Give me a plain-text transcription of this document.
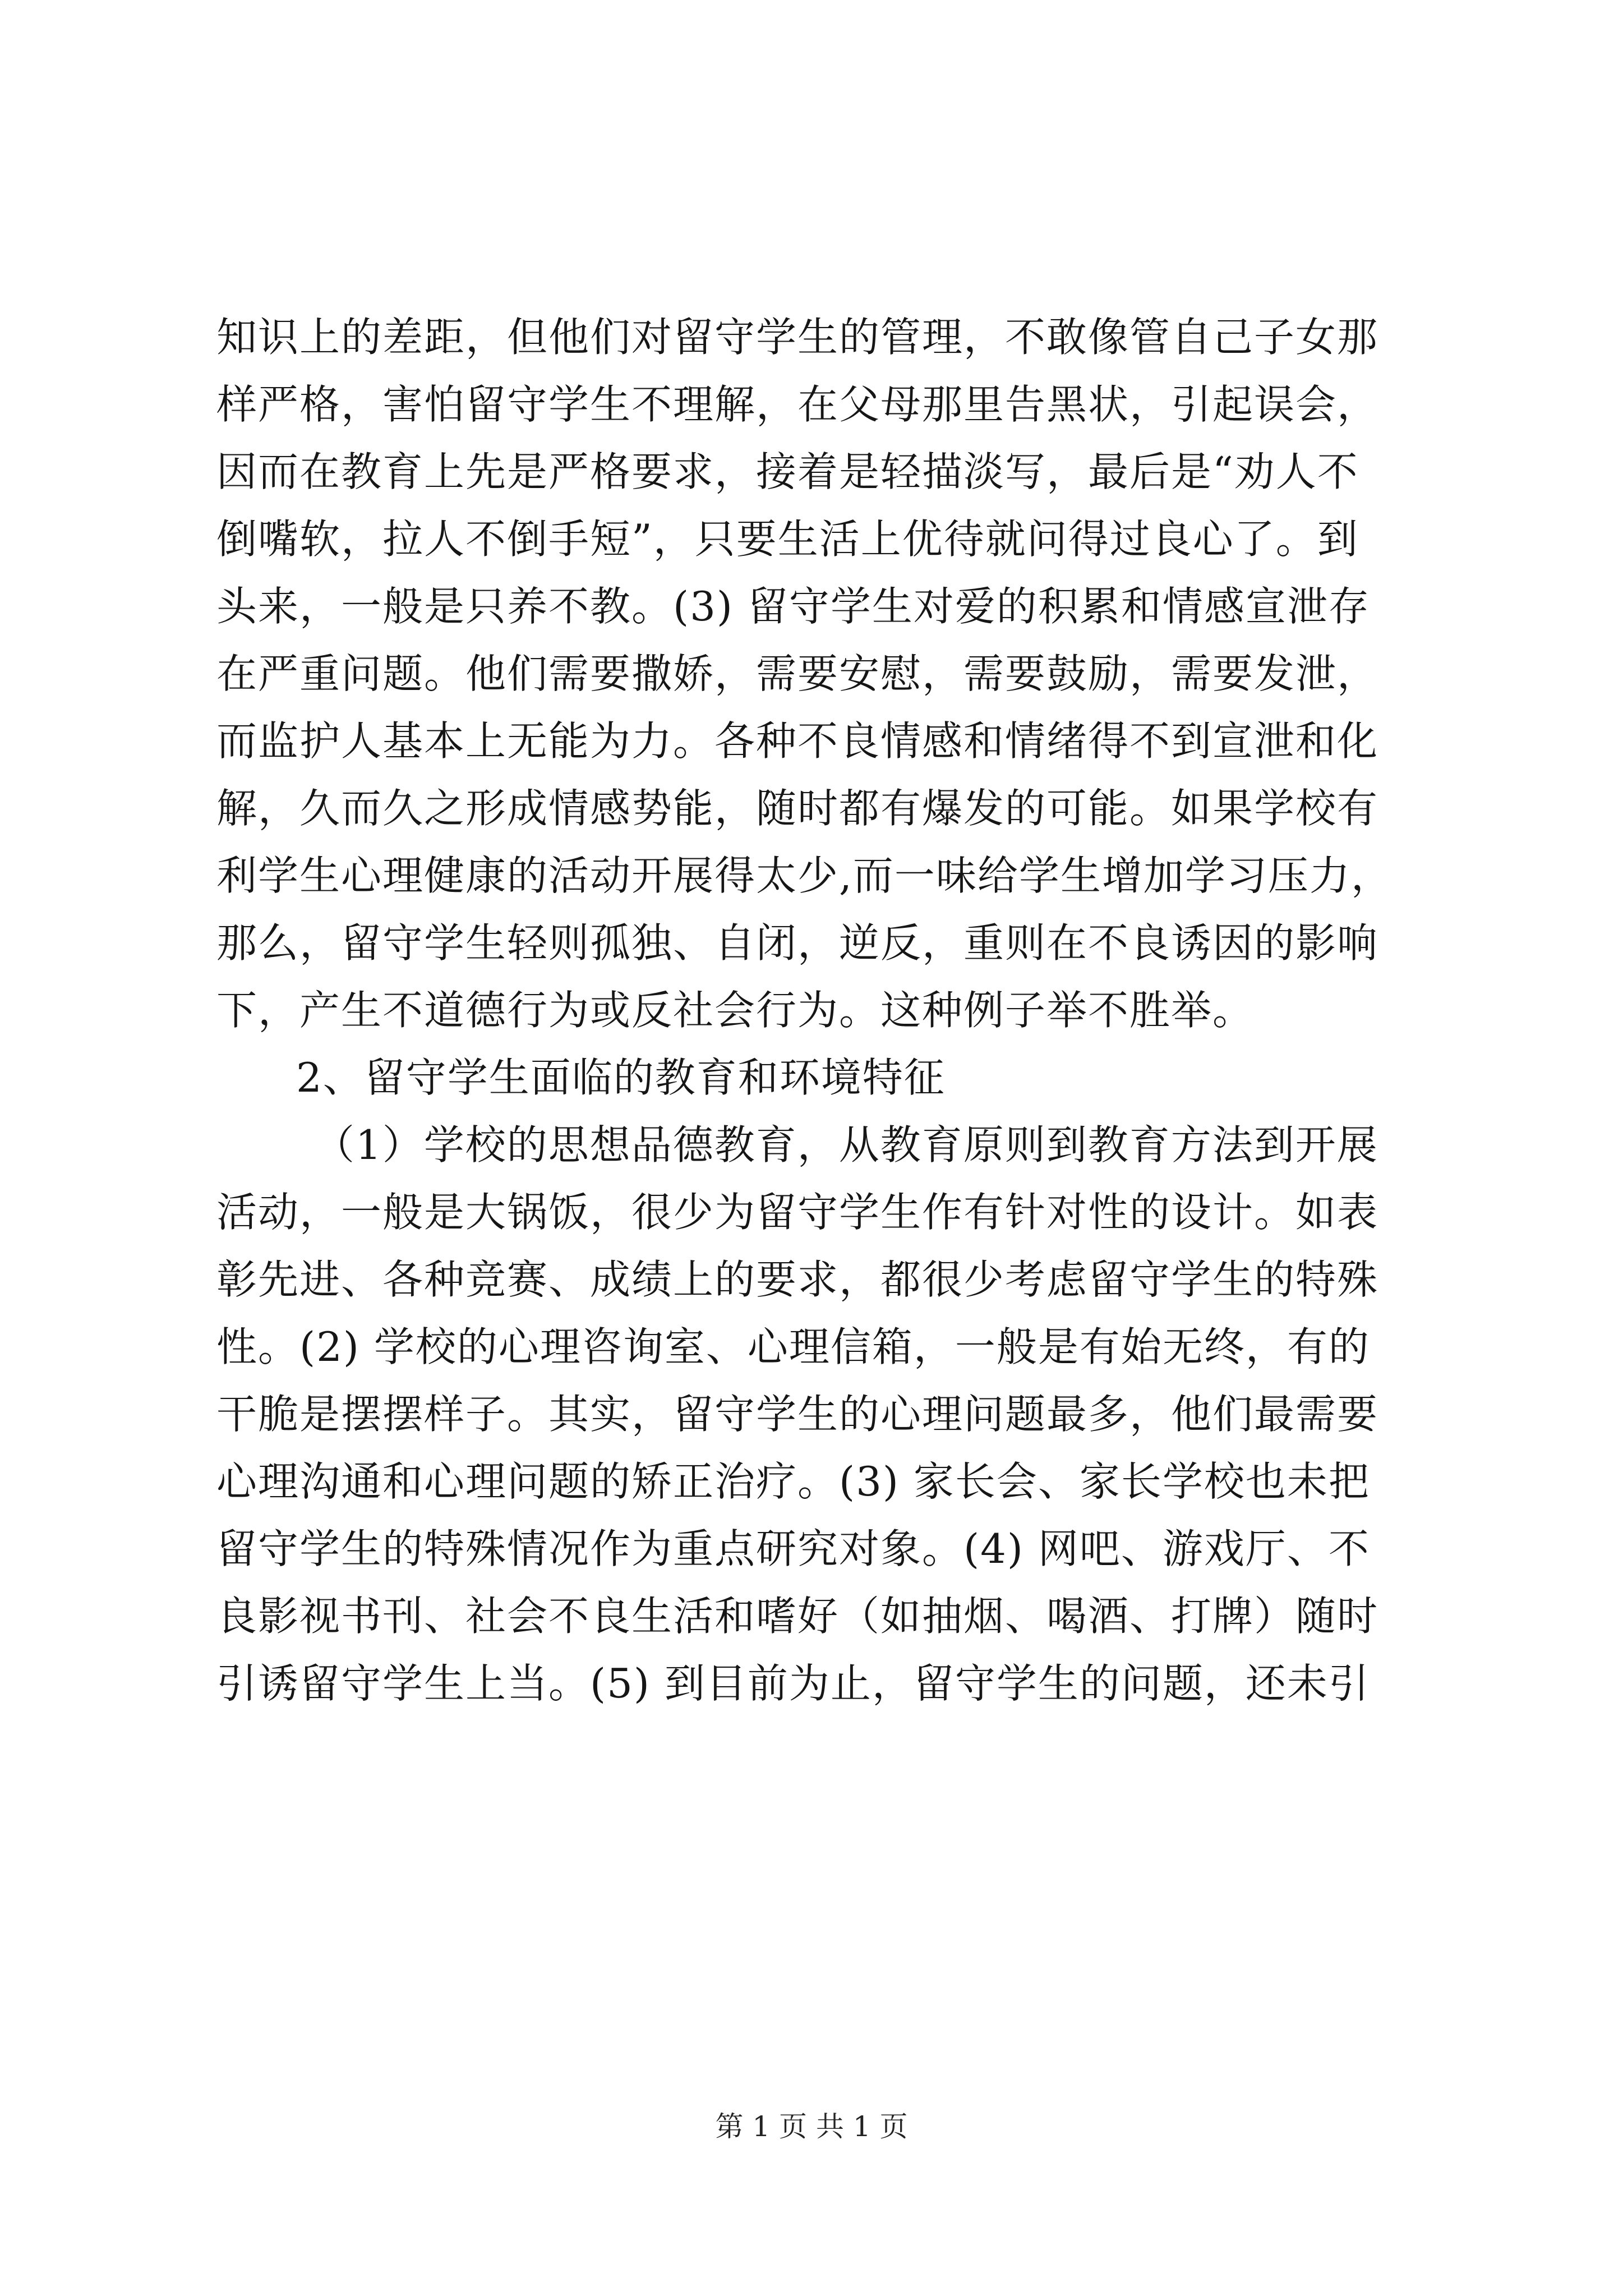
知识上的差距，但他们对留守学生的管理，不敢像管自己子女那
样严格，害怕留守学生不理解，在父母那里告黑状，引起误会，
因而在教育上先是严格要求，接着是轻描淡写，最后是“劝人不
倒嘴软，拉人不倒手短”，只要生活上优待就问得过良心了。到
头来，一般是只养不教。(3) 留守学生对爱的积累和情感宣泄存
在严重问题。他们需要撒娇，需要安慰，需要鼓励，需要发泄，
而监护人基本上无能为力。各种不良情感和情绪得不到宣泄和化
解，久而久之形成情感势能，随时都有爆发的可能。如果学校有
利学生心理健康的活动开展得太少,而一味给学生增加学习压力，
那么，留守学生轻则孤独、自闭，逆反，重则在不良诱因的影响
下，产生不道德行为或反社会行为。这种例子举不胜举。
2、留守学生面临的教育和环境特征
（1）学校的思想品德教育，从教育原则到教育方法到开展
活动，一般是大锅饭，很少为留守学生作有针对性的设计。如表
彰先进、各种竞赛、成绩上的要求，都很少考虑留守学生的特殊
性。(2) 学校的心理咨询室、心理信箱，一般是有始无终，有的
干脆是摆摆样子。其实，留守学生的心理问题最多，他们最需要
心理沟通和心理问题的矫正治疗。(3) 家长会、家长学校也未把
留守学生的特殊情况作为重点研究对象。(4) 网吧、游戏厅、不
良影视书刊、社会不良生活和嗜好（如抽烟、喝酒、打牌）随时
引诱留守学生上当。(5) 到目前为止，留守学生的问题，还未引
第 1 页 共 1 页
